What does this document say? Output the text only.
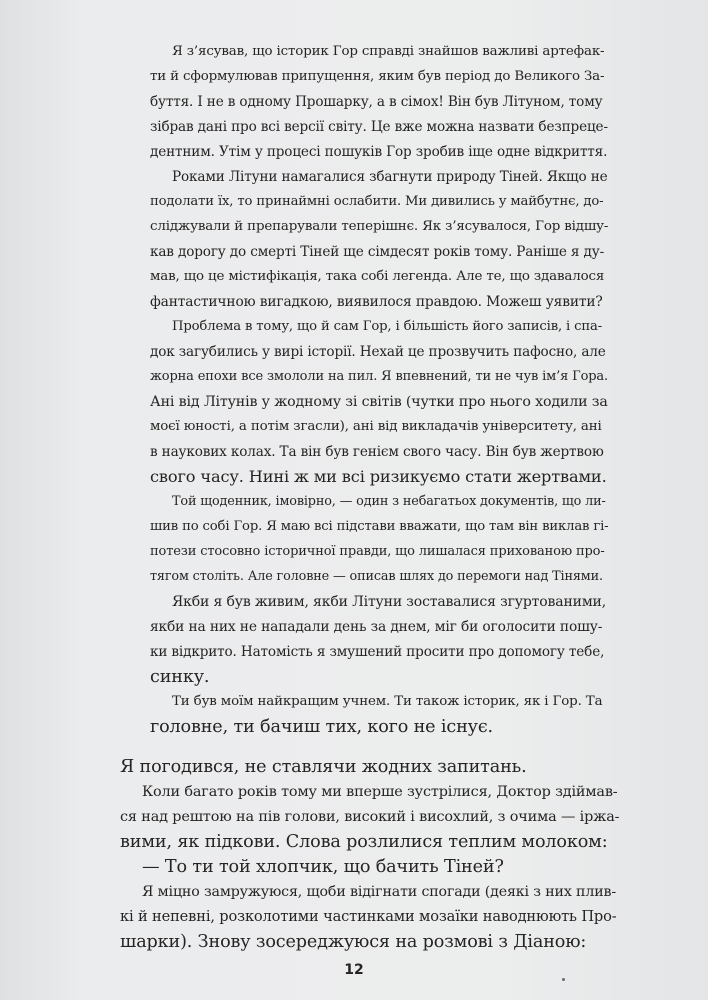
Я з’ясував, що історик Гор справді знайшов важливі артефак-
ти й сформулював припущення, яким був період до Великого За-
буття. І не в одному Прошарку, а в сімох! Він був Літуном, тому
зібрав дані про всі версії світу. Це вже можна назвати безпреце-
дентним. Утім у процесі пошуків Гор зробив іще одне відкриття.
Роками Літуни намагалися збагнути природу Тіней. Якщо не
подолати їх, то принаймні ослабити. Ми дивились у майбутнє, до-
сліджували й препарували теперішнє. Як з’ясувалося, Гор відшу-
кав дорогу до смерті Тіней ще сімдесят років тому. Раніше я ду-
мав, що це містифікація, така собі легенда. Але те, що здавалося
фантастичною вигадкою, виявилося правдою. Можеш уявити?
Проблема в тому, що й сам Гор, і більшість його записів, і спа-
док загубились у вирі історії. Нехай це прозвучить пафосно, але
жорна епохи все змололи на пил. Я впевнений, ти не чув ім’я Гора.
Ані від Літунів у жодному зі світів (чутки про нього ходили за
моєї юності, а потім згасли), ані від викладачів університету, ані
в наукових колах. Та він був генієм свого часу. Він був жертвою
свого часу. Нині ж ми всі ризикуємо стати жертвами.
Той щоденник, імовірно, — один з небагатьох документів, що ли-
шив по собі Гор. Я маю всі підстави вважати, що там він виклав гі-
потези стосовно історичної правди, що лишалася прихованою про-
тягом століть. Але головне — описав шлях до перемоги над Тінями.
Якби я був живим, якби Літуни зоставалися згуртованими,
якби на них не нападали день за днем, міг би оголосити пошу-
ки відкрито. Натомість я змушений просити про допомогу тебе,
синку.
Ти був моїм найкращим учнем. Ти також історик, як і Гор. Та
головне, ти бачиш тих, кого не існує.
Я погодився, не ставлячи жодних запитань.
Коли багато років тому ми вперше зустрілися, Доктор здіймав-
ся над рештою на пів голови, високий і висохлий, з очима — іржа-
вими, як підкови. Слова розлилися теплим молоком:
— То ти той хлопчик, що бачить Тіней?
Я міцно замружуюся, щоби відігнати спогади (деякі з них плив-
кі й непевні, розколотими частинками мозаїки наводнюють Про-
шарки). Знову зосереджуюся на розмові з Діаною:
12
